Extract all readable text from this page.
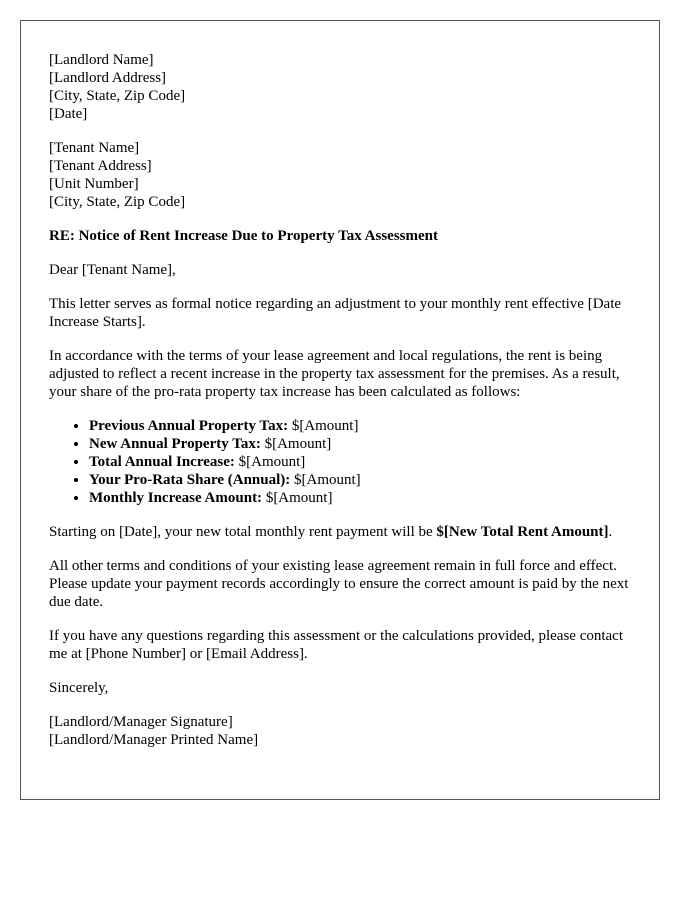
[Landlord Name]
[Landlord Address]
[City, State, Zip Code]
[Date]
[Tenant Name]
[Tenant Address]
[Unit Number]
[City, State, Zip Code]
RE: Notice of Rent Increase Due to Property Tax Assessment

Dear [Tenant Name],

This letter serves as formal notice regarding an adjustment to your monthly rent effective [Date Increase Starts].

In accordance with the terms of your lease agreement and local regulations, the rent is being adjusted to reflect a recent increase in the property tax assessment for the premises. As a result, your share of the pro-rata property tax increase has been calculated as follows:

• Previous Annual Property Tax: $[Amount]
• New Annual Property Tax: $[Amount]
• Total Annual Increase: $[Amount]
• Your Pro-Rata Share (Annual): $[Amount]
• Monthly Increase Amount: $[Amount]

Starting on [Date], your new total monthly rent payment will be $[New Total Rent Amount].

All other terms and conditions of your existing lease agreement remain in full force and effect. Please update your payment records accordingly to ensure the correct amount is paid by the next due date.

If you have any questions regarding this assessment or the calculations provided, please contact me at [Phone Number] or [Email Address].

Sincerely,

[Landlord/Manager Signature]
[Landlord/Manager Printed Name]
